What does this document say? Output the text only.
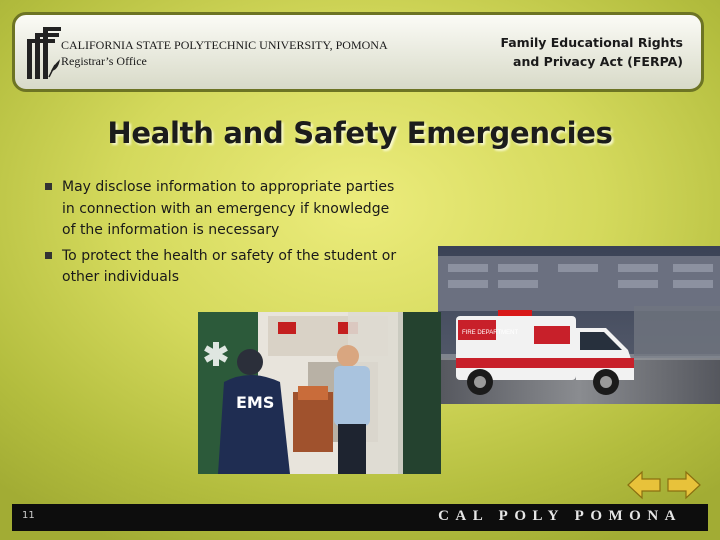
CALIFORNIA STATE POLYTECHNIC UNIVERSITY, POMONA
Registrar’s Office
Family Educational Rights
and Privacy Act (FERPA)
Health and Safety Emergencies
May disclose information to appropriate parties in connection with an emergency if knowledge of the information is necessary
To protect the health or safety of the student or other individuals
FIRE DEPARTMENT
EMS
11	CAL POLY POMONA
